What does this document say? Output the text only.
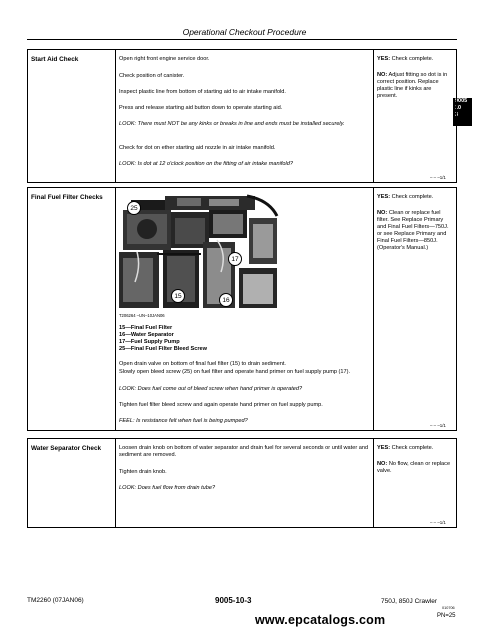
Operational Checkout Procedure
9005
10
3
Start Aid Check	Open right front engine service door.
Check position of canister.
Inspect plastic line from bottom of starting aid to air intake manifold.
Press and release starting aid button down to operate starting aid.
LOOK: There must NOT be any kinks or breaks in line and ends must be installed securely.
Check for dot on ether starting aid nozzle in air intake manifold.
LOOK: Is dot at 12 o'clock position on the fitting of air intake manifold?
YES: Check complete.
NO: Adjust fitting so dot is in correct position. Replace plastic line if kinks are present.
– – –1/1
Final Fuel Filter Checks
25
17
15
16
T206264 –UN–10JAN06
15—Final Fuel Filter
16—Water Separator
17—Fuel Supply Pump
25—Final Fuel Filter Bleed Screw
Open drain valve on bottom of final fuel filter (15) to drain sediment.
Slowly open bleed screw (25) on fuel filter and operate hand primer on fuel supply pump (17).
LOOK: Does fuel come out of bleed screw when hand primer is operated?
Tighten fuel filter bleed screw and again operate hand primer on fuel supply pump.
FEEL: Is resistance felt when fuel is being pumped?
YES: Check complete.
NO: Clean or replace fuel filter. See Replace Primary and Final Fuel Filters—750J. or see Replace Primary and Final Fuel Filters—850J. (Operator's Manual.)
– – –1/1
Water Separator Check	Loosen drain knob on bottom of water separator and drain fuel for several seconds or until water and sediment are removed.
Tighten drain knob.
LOOK: Does fuel flow from drain tube?
YES: Check complete.
NO: No flow, clean or replace valve.
– – –1/1
TM2260 (07JAN06)	9005-10-3	750J, 850J Crawler
010706
PN=25
www.epcatalogs.com
